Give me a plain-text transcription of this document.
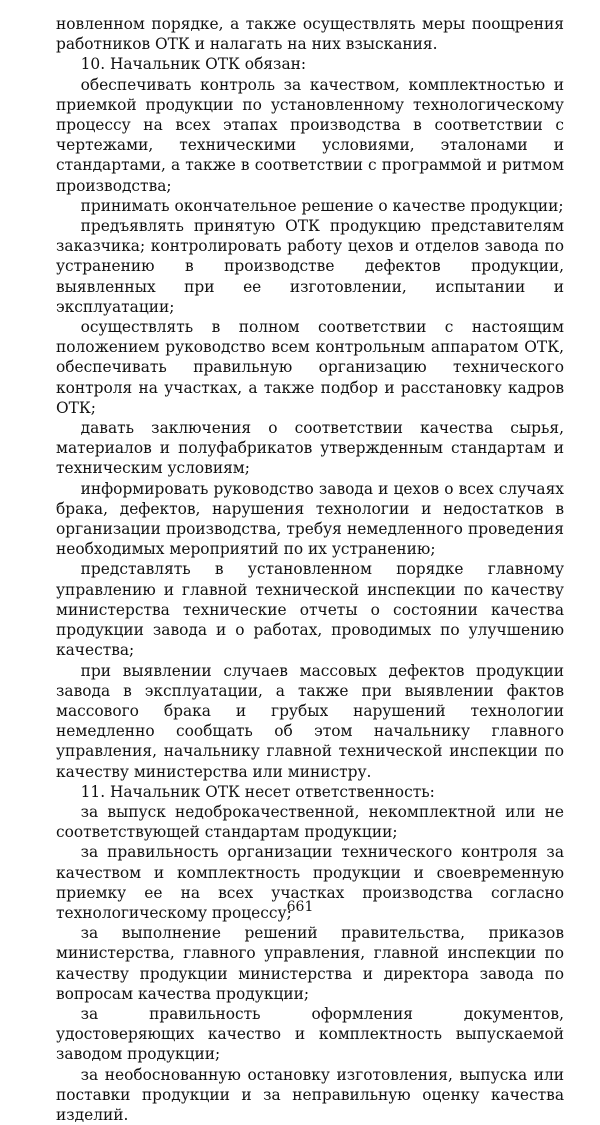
новленном порядке, а также осуществлять меры поощрения работников ОТК и налагать на них взыскания.

10. Начальник ОТК обязан:

обеспечивать контроль за качеством, комплектностью и приемкой продукции по установленному технологическому процессу на всех этапах производства в соответствии с чертежами, техническими условиями, эталонами и стандартами, а также в соответствии с программой и ритмом производства;

принимать окончательное решение о качестве продукции;

предъявлять принятую ОТК продукцию представителям заказчика; контролировать работу цехов и отделов завода по устранению в производстве дефектов продукции, выявленных при ее изготовлении, испытании и эксплуатации;

осуществлять в полном соответствии с настоящим положением руководство всем контрольным аппаратом ОТК, обеспечивать правильную организацию технического контроля на участках, а также подбор и расстановку кадров ОТК;

давать заключения о соответствии качества сырья, материалов и полуфабрикатов утвержденным стандартам и техническим условиям;

информировать руководство завода и цехов о всех случаях брака, дефектов, нарушения технологии и недостатков в организации производства, требуя немедленного проведения необходимых мероприятий по их устранению;

представлять в установленном порядке главному управлению и главной технической инспекции по качеству министерства технические отчеты о состоянии качества продукции завода и о работах, проводимых по улучшению качества;

при выявлении случаев массовых дефектов продукции завода в эксплуатации, а также при выявлении фактов массового брака и грубых нарушений технологии немедленно сообщать об этом начальнику главного управления, начальнику главной технической инспекции по качеству министерства или министру.

11. Начальник ОТК несет ответственность:

за выпуск недоброкачественной, некомплектной или не соответствующей стандартам продукции;

за правильность организации технического контроля за качеством и комплектность продукции и своевременную приемку ее на всех участках производства согласно технологическому процессу;

за выполнение решений правительства, приказов министерства, главного управления, главной инспекции по качеству продукции министерства и директора завода по вопросам качества продукции;

за правильность оформления документов, удостоверяющих качество и комплектность выпускаемой заводом продукции;

за необоснованную остановку изготовления, выпуска или поставки продукции и за неправильную оценку качества изделий.

661
